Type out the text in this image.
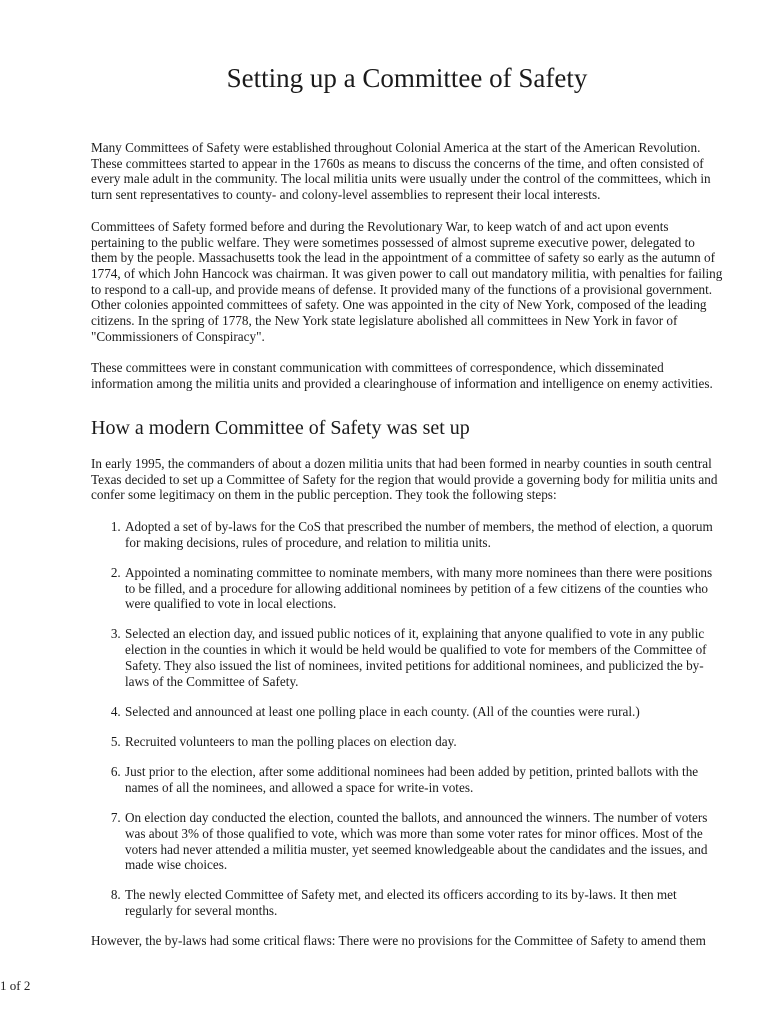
Setting up a Committee of Safety

Many Committees of Safety were established throughout Colonial America at the start of the American Revolution. These committees started to appear in the 1760s as means to discuss the concerns of the time, and often consisted of every male adult in the community. The local militia units were usually under the control of the committees, which in turn sent representatives to county- and colony-level assemblies to represent their local interests.

Committees of Safety formed before and during the Revolutionary War, to keep watch of and act upon events pertaining to the public welfare. They were sometimes possessed of almost supreme executive power, delegated to them by the people. Massachusetts took the lead in the appointment of a committee of safety so early as the autumn of 1774, of which John Hancock was chairman. It was given power to call out mandatory militia, with penalties for failing to respond to a call-up, and provide means of defense. It provided many of the functions of a provisional government. Other colonies appointed committees of safety. One was appointed in the city of New York, composed of the leading citizens. In the spring of 1778, the New York state legislature abolished all committees in New York in favor of "Commissioners of Conspiracy".

These committees were in constant communication with committees of correspondence, which disseminated information among the militia units and provided a clearinghouse of information and intelligence on enemy activities.

How a modern Committee of Safety was set up

In early 1995, the commanders of about a dozen militia units that had been formed in nearby counties in south central Texas decided to set up a Committee of Safety for the region that would provide a governing body for militia units and confer some legitimacy on them in the public perception. They took the following steps:

1. Adopted a set of by-laws for the CoS that prescribed the number of members, the method of election, a quorum for making decisions, rules of procedure, and relation to militia units.
2. Appointed a nominating committee to nominate members, with many more nominees than there were positions to be filled, and a procedure for allowing additional nominees by petition of a few citizens of the counties who were qualified to vote in local elections.
3. Selected an election day, and issued public notices of it, explaining that anyone qualified to vote in any public election in the counties in which it would be held would be qualified to vote for members of the Committee of Safety. They also issued the list of nominees, invited petitions for additional nominees, and publicized the by-laws of the Committee of Safety.
4. Selected and announced at least one polling place in each county. (All of the counties were rural.)
5. Recruited volunteers to man the polling places on election day.
6. Just prior to the election, after some additional nominees had been added by petition, printed ballots with the names of all the nominees, and allowed a space for write-in votes.
7. On election day conducted the election, counted the ballots, and announced the winners. The number of voters was about 3% of those qualified to vote, which was more than some voter rates for minor offices. Most of the voters had never attended a militia muster, yet seemed knowledgeable about the candidates and the issues, and made wise choices.
8. The newly elected Committee of Safety met, and elected its officers according to its by-laws. It then met regularly for several months.

However, the by-laws had some critical flaws: There were no provisions for the Committee of Safety to amend them

1 of 2
